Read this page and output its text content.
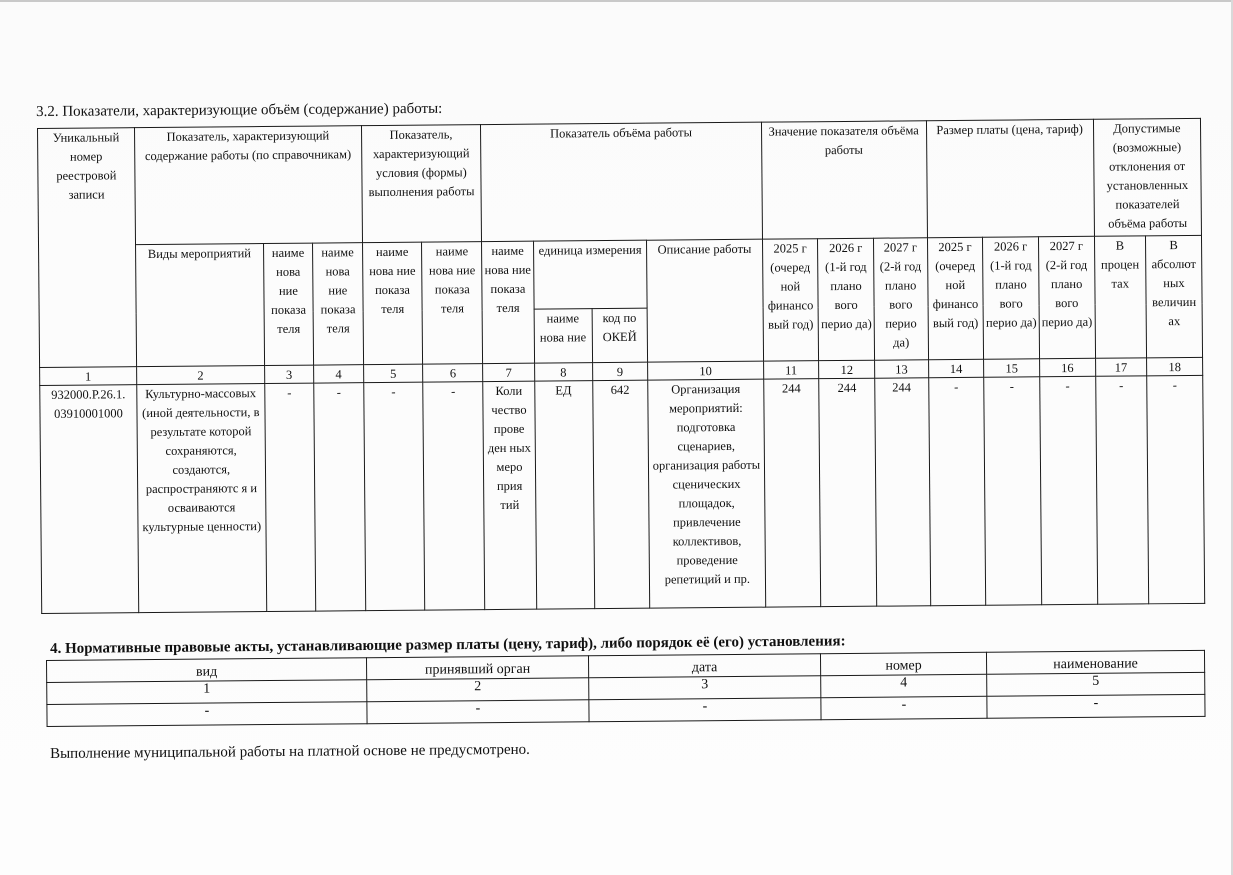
3.2. Показатели, характеризующие объём (содержание) работы:
Уникальный номер реестровой записи	Показатель, характеризующий содержание работы (по справочникам)			Показатель, характеризующий условия (формы) выполнения работы		Показатель объёма работы				Значение показателя объёма работы			Размер платы (цена, тариф)			Допустимые (возможные) отклонения от установленных показателей объёма работы	
	Виды мероприятий	наиме нова ние показа теля	наиме нова ние показа теля	наиме нова ние показа теля	наиме нова ние показа теля	наиме нова ние показа теля	единица измерения		Описание работы	2025 г (очеред ной финансо вый год)	2026 г (1-й год плано вого перио да)	2027 г (2-й год плано вого перио да)	2025 г (очеред ной финансо вый год)	2026 г (1-й год плано вого перио да)	2027 г (2-й год плано вого перио да)	В процен тах	В абсолют ных величин ах
							наиме нова ние	код по ОКЕЙ									
1	2	3	4	5	6	7	8	9	10	11	12	13	14	15	16	17	18
932000.Р.26.1. 03910001000	Культурно-массовых (иной деятельности, в результате которой сохраняются, создаются, распространяютс я и осваиваются культурные ценности)	-	-	-	-	Коли чество прове ден ных меро прия тий	ЕД	642	Организация мероприятий: подготовка сценариев, организация работы сценических площадок, привлечение коллективов, проведение репетиций и пр.	244	244	244	-	-	-	-	-
4. Нормативные правовые акты, устанавливающие размер платы (цену, тариф), либо порядок её (его) установления:
вид	принявший орган	дата	номер	наименование
1	2	3	4	5
-	-	-	-	-
Выполнение муниципальной работы на платной основе не предусмотрено.
